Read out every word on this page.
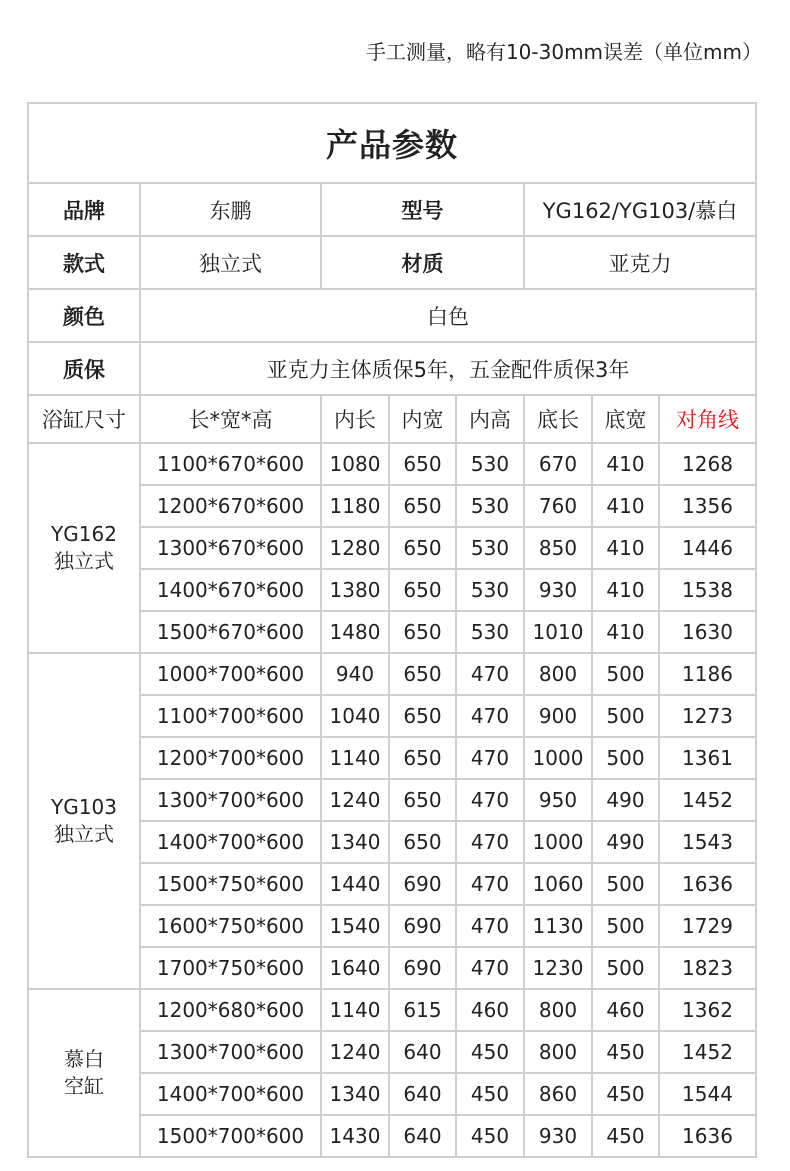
手工测量，略有10-30mm误差（单位mm）
产品参数							
品牌	东鹏	型号			YG162/YG103/慕白		
款式	独立式	材质			亚克力		
颜色	白色						
质保	亚克力主体质保5年，五金配件质保3年						
浴缸尺寸	长*宽*高	内长	内宽	内高	底长	底宽	对角线

YG162
独立式	1100*670*600	1080	650	530	670	410	1268
	1200*670*600	1180	650	530	760	410	1356
	1300*670*600	1280	650	530	850	410	1446
	1400*670*600	1380	650	530	930	410	1538
	1500*670*600	1480	650	530	1010	410	1630

YG103
独立式	1000*700*600	940	650	470	800	500	1186
	1100*700*600	1040	650	470	900	500	1273
	1200*700*600	1140	650	470	1000	500	1361
	1300*700*600	1240	650	470	950	490	1452
	1400*700*600	1340	650	470	1000	490	1543
	1500*750*600	1440	690	470	1060	500	1636
	1600*750*600	1540	690	470	1130	500	1729
	1700*750*600	1640	690	470	1230	500	1823

慕白
空缸	1200*680*600	1140	615	460	800	460	1362
	1300*700*600	1240	640	450	800	450	1452
	1400*700*600	1340	640	450	860	450	1544
	1500*700*600	1430	640	450	930	450	1636
